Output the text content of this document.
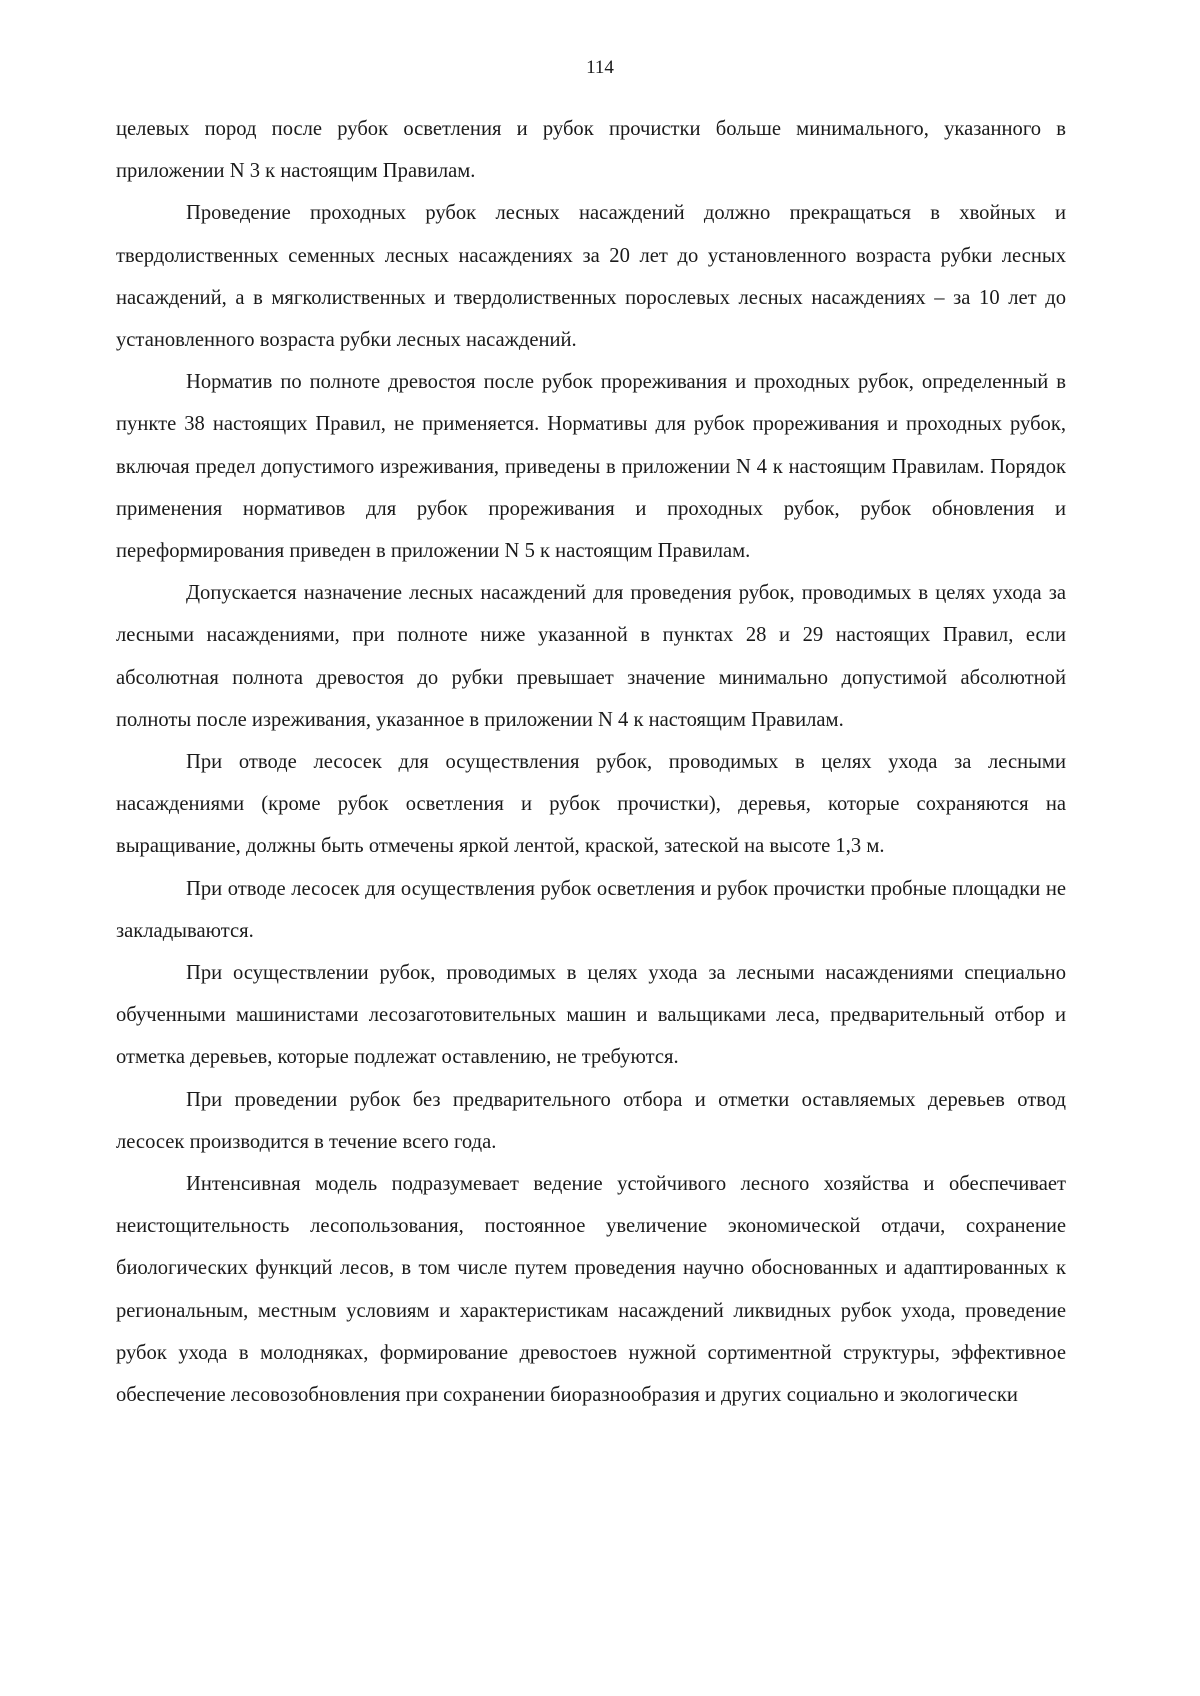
114

целевых пород после рубок осветления и рубок прочистки больше минимального, указанного в приложении N 3 к настоящим Правилам.

Проведение проходных рубок лесных насаждений должно прекращаться в хвойных и твердолиственных семенных лесных насаждениях за 20 лет до установленного возраста рубки лесных насаждений, а в мягколиственных и твердолиственных порослевых лесных насаждениях – за 10 лет до установленного возраста рубки лесных насаждений.

Норматив по полноте древостоя после рубок прореживания и проходных рубок, определенный в пункте 38 настоящих Правил, не применяется. Нормативы для рубок прореживания и проходных рубок, включая предел допустимого изреживания, приведены в приложении N 4 к настоящим Правилам. Порядок применения нормативов для рубок прореживания и проходных рубок, рубок обновления и переформирования приведен в приложении N 5 к настоящим Правилам.

Допускается назначение лесных насаждений для проведения рубок, проводимых в целях ухода за лесными насаждениями, при полноте ниже указанной в пунктах 28 и 29 настоящих Правил, если абсолютная полнота древостоя до рубки превышает значение минимально допустимой абсолютной полноты после изреживания, указанное в приложении N 4 к настоящим Правилам.

При отводе лесосек для осуществления рубок, проводимых в целях ухода за лесными насаждениями (кроме рубок осветления и рубок прочистки), деревья, которые сохраняются на выращивание, должны быть отмечены яркой лентой, краской, затеской на высоте 1,3 м.

При отводе лесосек для осуществления рубок осветления и рубок прочистки пробные площадки не закладываются.

При осуществлении рубок, проводимых в целях ухода за лесными насаждениями специально обученными машинистами лесозаготовительных машин и вальщиками леса, предварительный отбор и отметка деревьев, которые подлежат оставлению, не требуются.

При проведении рубок без предварительного отбора и отметки оставляемых деревьев отвод лесосек производится в течение всего года.

Интенсивная модель подразумевает ведение устойчивого лесного хозяйства и обеспечивает неистощительность лесопользования, постоянное увеличение экономической отдачи, сохранение биологических функций лесов, в том числе путем проведения научно обоснованных и адаптированных к региональным, местным условиям и характеристикам насаждений ликвидных рубок ухода, проведение рубок ухода в молодняках, формирование древостоев нужной сортиментной структуры, эффективное обеспечение лесовозобновления при сохранении биоразнообразия и других социально и экологически
